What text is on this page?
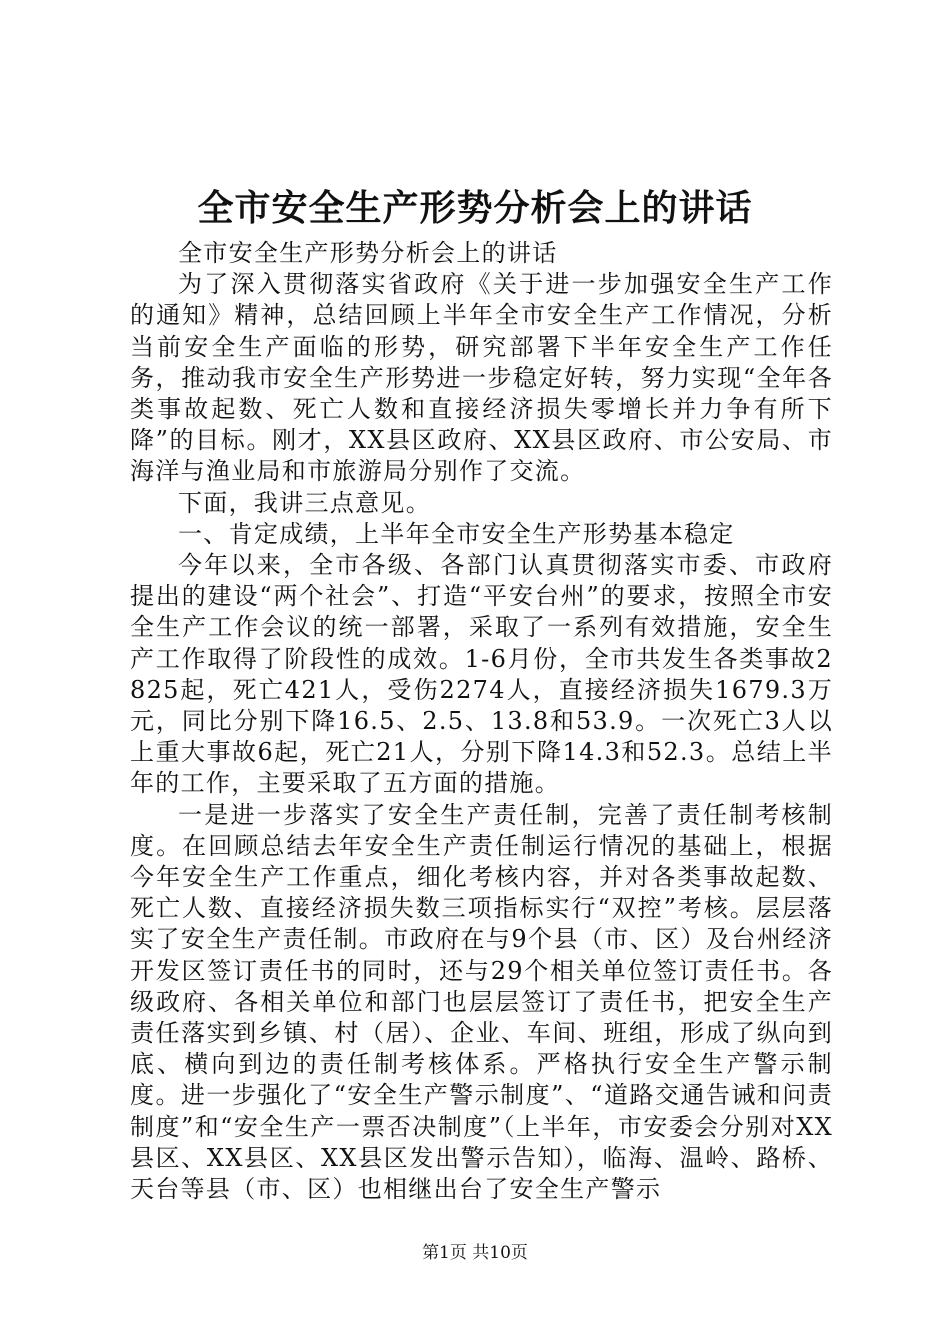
全市安全生产形势分析会上的讲话

全市安全生产形势分析会上的讲话

为了深入贯彻落实省政府《关于进一步加强安全生产工作的通知》精神，总结回顾上半年全市安全生产工作情况，分析当前安全生产面临的形势，研究部署下半年安全生产工作任务，推动我市安全生产形势进一步稳定好转，努力实现“全年各类事故起数、死亡人数和直接经济损失零增长并力争有所下降”的目标。刚才，XX县区政府、XX县区政府、市公安局、市海洋与渔业局和市旅游局分别作了交流。

下面，我讲三点意见。

一、肯定成绩，上半年全市安全生产形势基本稳定

今年以来，全市各级、各部门认真贯彻落实市委、市政府提出的建设“两个社会”、打造“平安台州”的要求，按照全市安全生产工作会议的统一部署，采取了一系列有效措施，安全生产工作取得了阶段性的成效。1-6月份，全市共发生各类事故2825起，死亡421人，受伤2274人，直接经济损失1679.3万元，同比分别下降16.5、2.5、13.8和53.9。一次死亡3人以上重大事故6起，死亡21人，分别下降14.3和52.3。总结上半年的工作，主要采取了五方面的措施。

一是进一步落实了安全生产责任制，完善了责任制考核制度。在回顾总结去年安全生产责任制运行情况的基础上，根据今年安全生产工作重点，细化考核内容，并对各类事故起数、死亡人数、直接经济损失数三项指标实行“双控”考核。层层落实了安全生产责任制。市政府在与9个县（市、区）及台州经济开发区签订责任书的同时，还与29个相关单位签订责任书。各级政府、各相关单位和部门也层层签订了责任书，把安全生产责任落实到乡镇、村（居）、企业、车间、班组，形成了纵向到底、横向到边的责任制考核体系。严格执行安全生产警示制度。进一步强化了“安全生产警示制度”、“道路交通告诫和问责制度”和“安全生产一票否决制度”（上半年，市安委会分别对XX县区、XX县区、XX县区发出警示告知），临海、温岭、路桥、天台等县（市、区）也相继出台了安全生产警示

第1页 共10页
